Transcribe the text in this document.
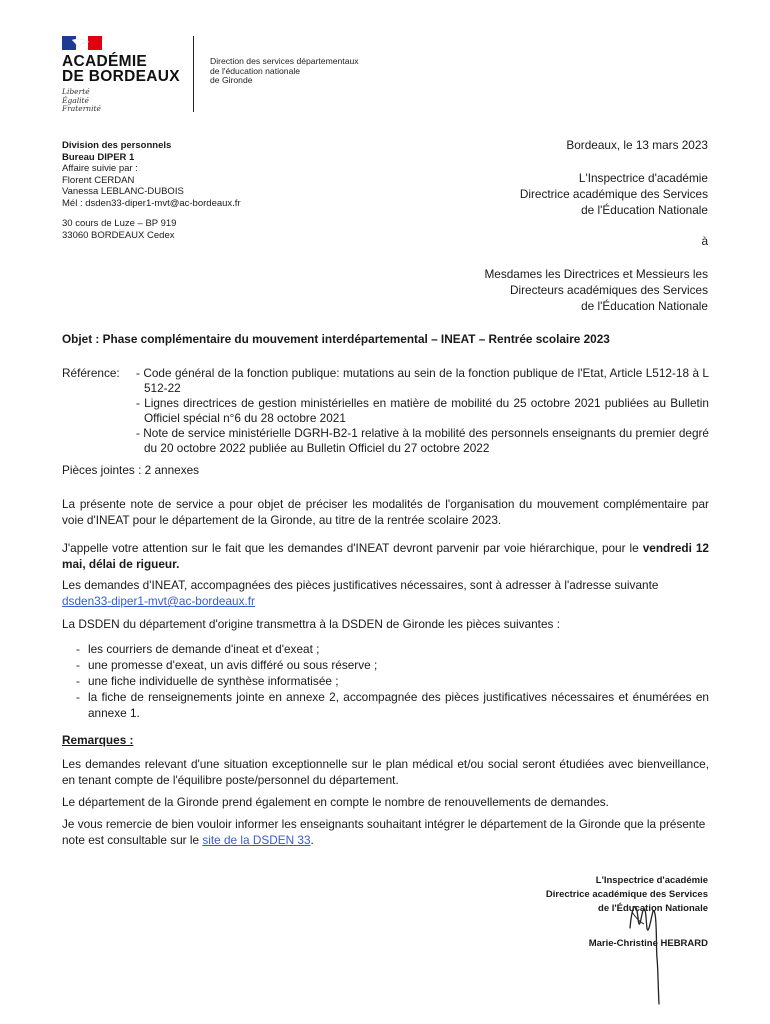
ACADÉMIE
DE BORDEAUX
Liberté
Égalité
Fraternité
Direction des services départementaux
de l'éducation nationale
de Gironde
Division des personnels
Bureau DIPER 1
Affaire suivie par :
Florent CERDAN
Vanessa LEBLANC-DUBOIS
Mél : dsden33-diper1-mvt@ac-bordeaux.fr
30 cours de Luze – BP 919
33060 BORDEAUX Cedex
Bordeaux, le 13 mars 2023
L'Inspectrice d'académie
Directrice académique des Services
de l'Éducation Nationale
à
Mesdames les Directrices et Messieurs les
Directeurs académiques des Services
de l'Éducation Nationale
Objet : Phase complémentaire du mouvement interdépartemental – INEAT – Rentrée scolaire 2023
Référence: - Code général de la fonction publique: mutations au sein de la fonction publique de l'Etat, Article L512-18 à L 512-22
- Lignes directrices de gestion ministérielles en matière de mobilité du 25 octobre 2021 publiées au Bulletin Officiel spécial n°6 du 28 octobre 2021
- Note de service ministérielle DGRH-B2-1 relative à la mobilité des personnels enseignants du premier degré du 20 octobre 2022 publiée au Bulletin Officiel du 27 octobre 2022
Pièces jointes : 2 annexes
La présente note de service a pour objet de préciser les modalités de l'organisation du mouvement complémentaire par voie d'INEAT pour le département de la Gironde, au titre de la rentrée scolaire 2023.
J'appelle votre attention sur le fait que les demandes d'INEAT devront parvenir par voie hiérarchique, pour le vendredi 12 mai, délai de rigueur.
Les demandes d'INEAT, accompagnées des pièces justificatives nécessaires, sont à adresser à l'adresse suivante
dsden33-diper1-mvt@ac-bordeaux.fr
La DSDEN du département d'origine transmettra à la DSDEN de Gironde les pièces suivantes :
- les courriers de demande d'ineat et d'exeat ;
- une promesse d'exeat, un avis différé ou sous réserve ;
- une fiche individuelle de synthèse informatisée ;
- la fiche de renseignements jointe en annexe 2, accompagnée des pièces justificatives nécessaires et énumérées en annexe 1.
Remarques :
Les demandes relevant d'une situation exceptionnelle sur le plan médical et/ou social seront étudiées avec bienveillance, en tenant compte de l'équilibre poste/personnel du département.
Le département de la Gironde prend également en compte le nombre de renouvellements de demandes.
Je vous remercie de bien vouloir informer les enseignants souhaitant intégrer le département de la Gironde que la présente note est consultable sur le site de la DSDEN 33.
L'Inspectrice d'académie
Directrice académique des Services
de l'Éducation Nationale
Marie-Christine HEBRARD
